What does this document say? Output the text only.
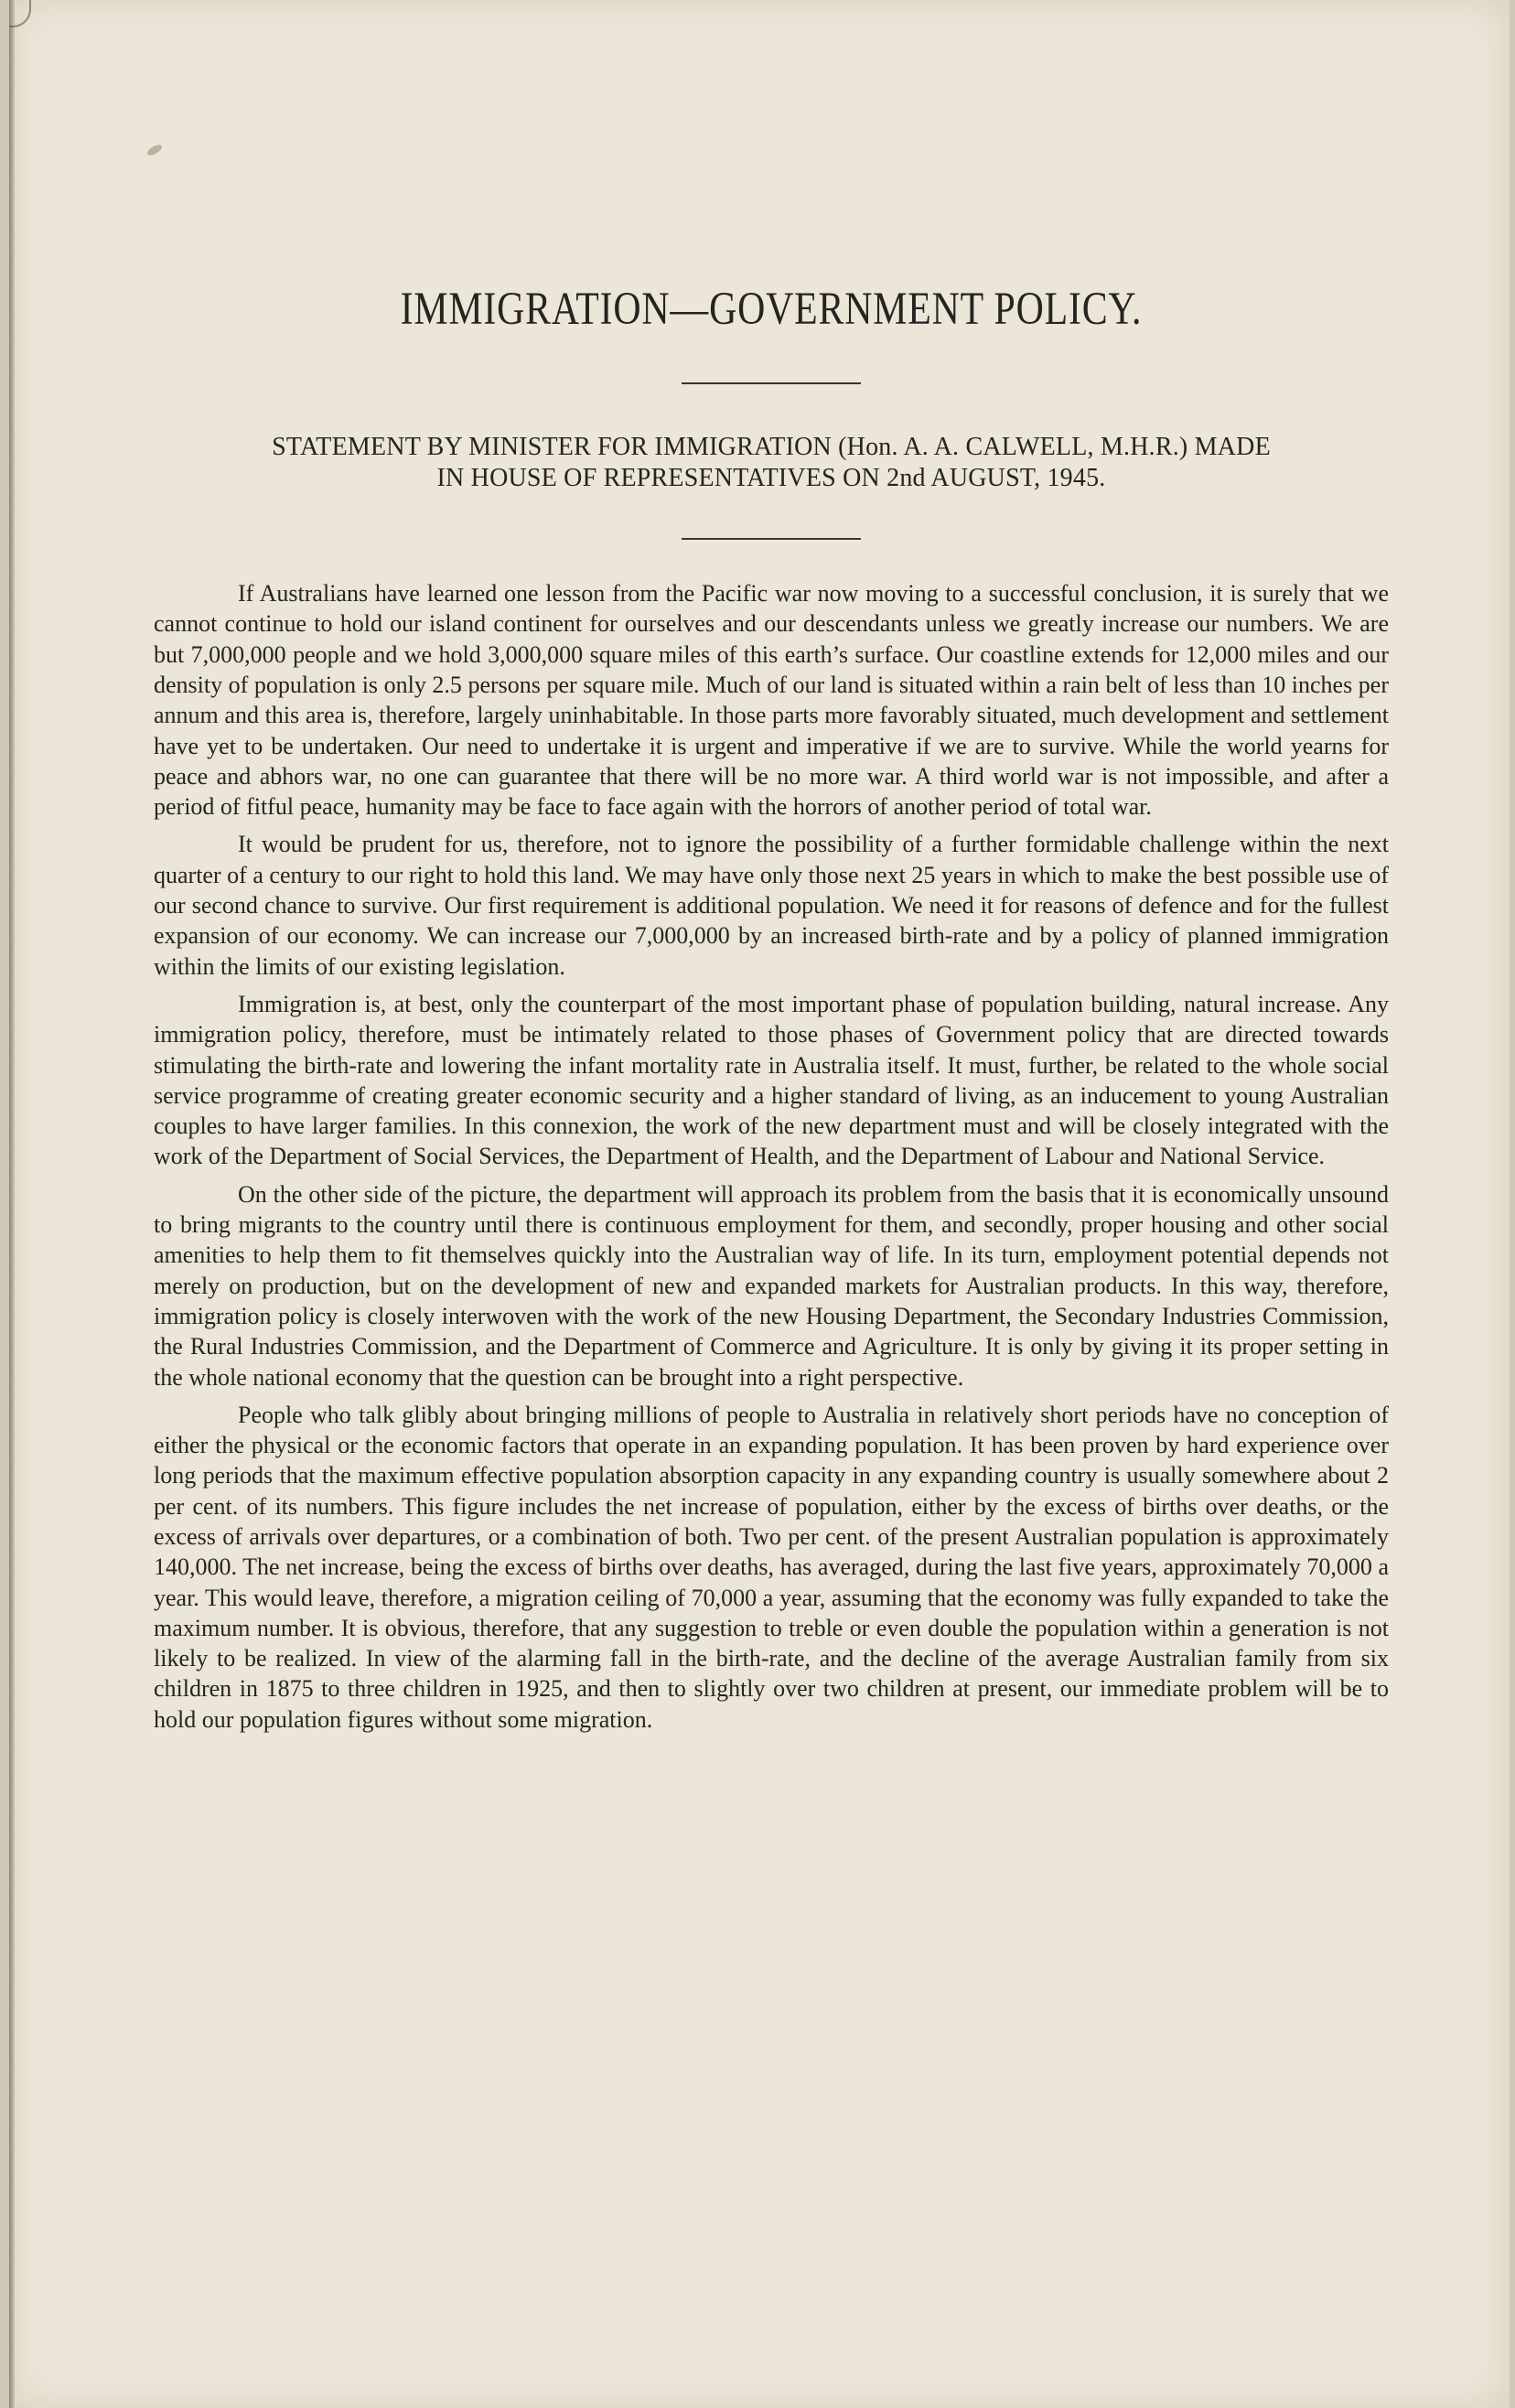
IMMIGRATION—GOVERNMENT POLICY.

STATEMENT BY MINISTER FOR IMMIGRATION (Hon. A. A. CALWELL, M.H.R.) MADE
IN HOUSE OF REPRESENTATIVES ON 2nd AUGUST, 1945.

If Australians have learned one lesson from the Pacific war now moving to a successful conclusion, it is surely that we cannot continue to hold our island continent for ourselves and our descendants unless we greatly increase our numbers. We are but 7,000,000 people and we hold 3,000,000 square miles of this earth’s surface. Our coastline extends for 12,000 miles and our density of population is only 2.5 persons per square mile. Much of our land is situated within a rain belt of less than 10 inches per annum and this area is, therefore, largely uninhabitable. In those parts more favorably situated, much development and settlement have yet to be undertaken. Our need to undertake it is urgent and imperative if we are to survive. While the world yearns for peace and abhors war, no one can guarantee that there will be no more war. A third world war is not impossible, and after a period of fitful peace, humanity may be face to face again with the horrors of another period of total war.

It would be prudent for us, therefore, not to ignore the possibility of a further formidable challenge within the next quarter of a century to our right to hold this land. We may have only those next 25 years in which to make the best possible use of our second chance to survive. Our first requirement is additional population. We need it for reasons of defence and for the fullest expansion of our economy. We can increase our 7,000,000 by an increased birth-rate and by a policy of planned immigration within the limits of our existing legislation.

Immigration is, at best, only the counterpart of the most important phase of population building, natural increase. Any immigration policy, therefore, must be intimately related to those phases of Government policy that are directed towards stimulating the birth-rate and lowering the infant mortality rate in Australia itself. It must, further, be related to the whole social service programme of creating greater economic security and a higher standard of living, as an inducement to young Australian couples to have larger families. In this connexion, the work of the new department must and will be closely integrated with the work of the Department of Social Services, the Department of Health, and the Department of Labour and National Service.

On the other side of the picture, the department will approach its problem from the basis that it is economically unsound to bring migrants to the country until there is continuous employment for them, and secondly, proper housing and other social amenities to help them to fit themselves quickly into the Australian way of life. In its turn, employment potential depends not merely on production, but on the development of new and expanded markets for Australian products. In this way, therefore, immigration policy is closely interwoven with the work of the new Housing Department, the Secondary Industries Commission, the Rural Industries Commission, and the Department of Commerce and Agriculture. It is only by giving it its proper setting in the whole national economy that the question can be brought into a right perspective.

People who talk glibly about bringing millions of people to Australia in relatively short periods have no conception of either the physical or the economic factors that operate in an expanding population. It has been proven by hard experience over long periods that the maximum effective population absorption capacity in any expanding country is usually somewhere about 2 per cent. of its numbers. This figure includes the net increase of population, either by the excess of births over deaths, or the excess of arrivals over departures, or a combination of both. Two per cent. of the present Australian population is approximately 140,000. The net increase, being the excess of births over deaths, has averaged, during the last five years, approximately 70,000 a year. This would leave, therefore, a migration ceiling of 70,000 a year, assuming that the economy was fully expanded to take the maximum number. It is obvious, therefore, that any suggestion to treble or even double the population within a generation is not likely to be realized. In view of the alarming fall in the birth-rate, and the decline of the average Australian family from six children in 1875 to three children in 1925, and then to slightly over two children at present, our immediate problem will be to hold our population figures without some migration.
